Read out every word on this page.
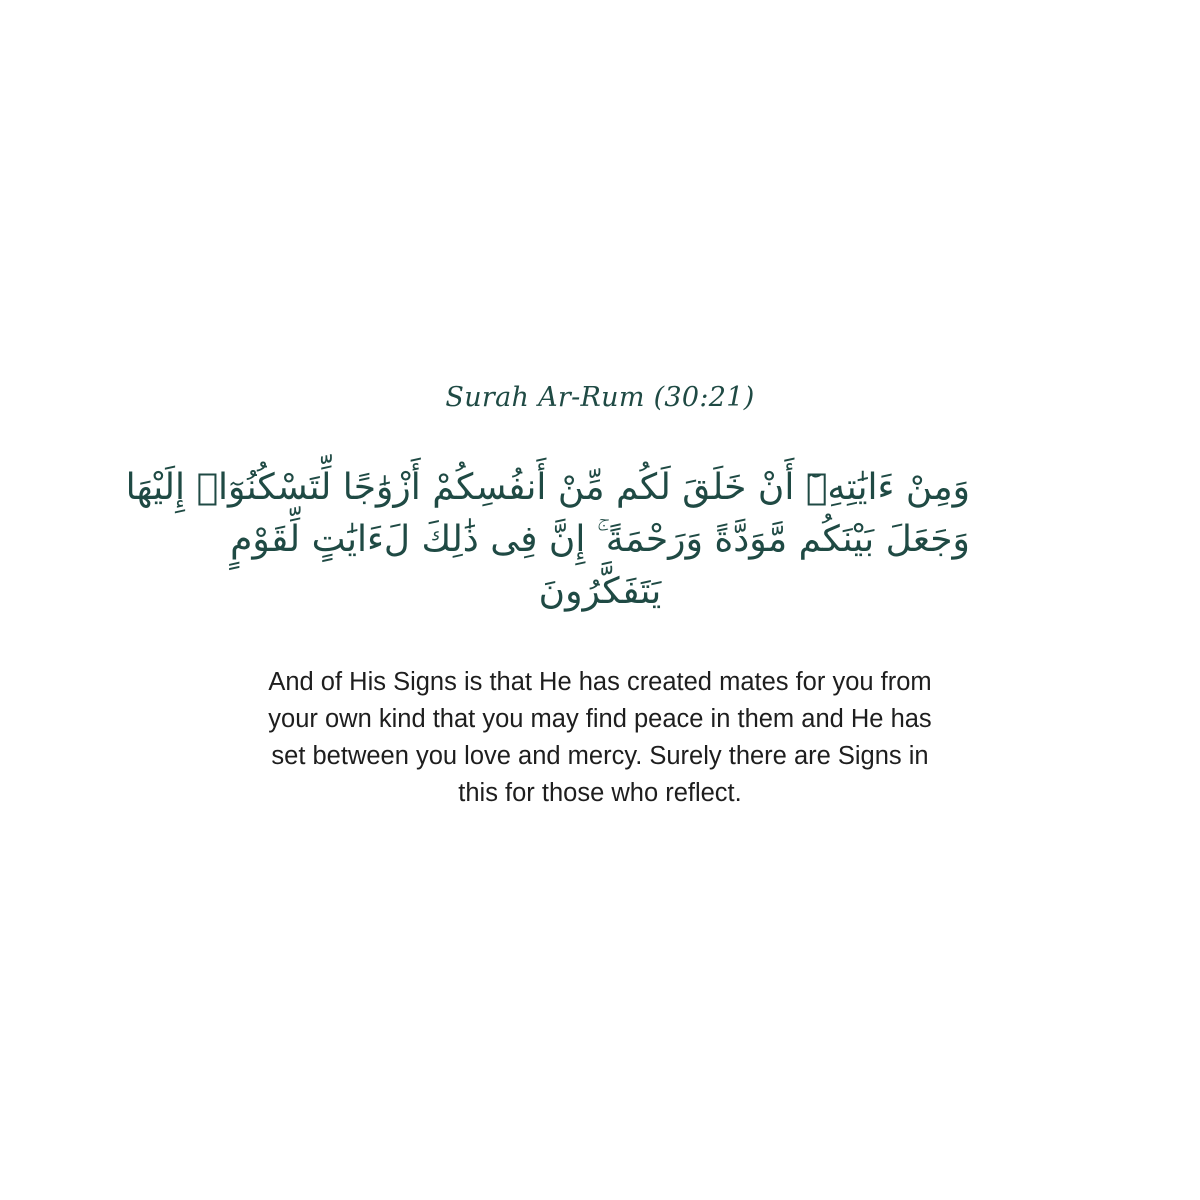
Surah Ar-Rum (30:21)
وَمِنْ ءَايَٰتِهِۦٓ أَنْ خَلَقَ لَكُم مِّنْ أَنفُسِكُمْ أَزْوَٰجًا لِّتَسْكُنُوٓا۟ إِلَيْهَا
وَجَعَلَ بَيْنَكُم مَّوَدَّةً وَرَحْمَةً ۚ إِنَّ فِى ذَٰلِكَ لَءَايَٰتٍ لِّقَوْمٍ
يَتَفَكَّرُونَ
And of His Signs is that He has created mates for you from
your own kind that you may find peace in them and He has
set between you love and mercy. Surely there are Signs in
this for those who reflect.
